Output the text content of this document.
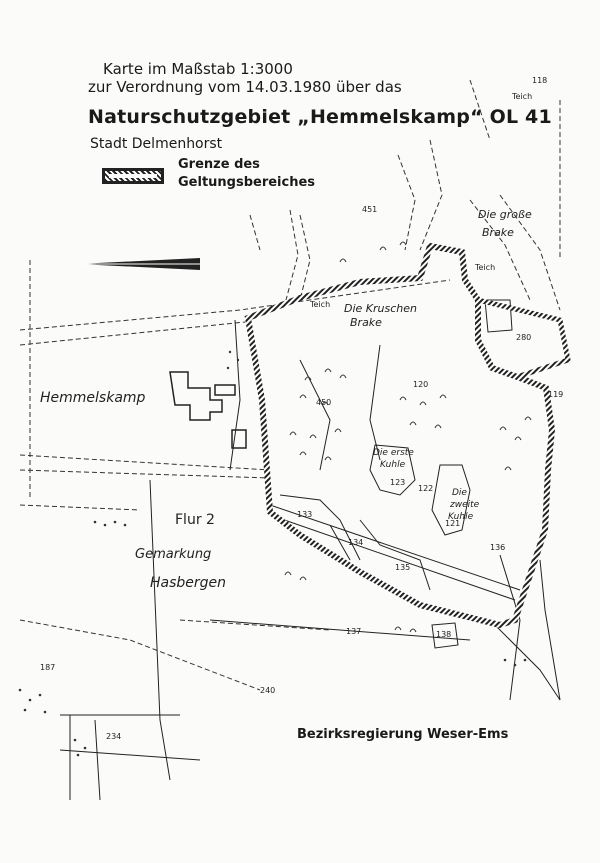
Karte im Maßstab 1:3000
zur Verordnung vom 14.03.1980 über das
Naturschutzgebiet „Hemmelskamp“ OL 41
Stadt Delmenhorst
Grenze des
Geltungsbereiches
Hemmelskamp
Flur 2
Gemarkung
Hasbergen
Die große
Brake
Die Kruschen
Brake
Die erste
Kuhle
Die
zweite
Kuhle
Teich
Teich
Teich
120
122
121
123
133
134
135
137	138
136
187
234
240
280
450
451
118
119
Bezirksregierung Weser-Ems
